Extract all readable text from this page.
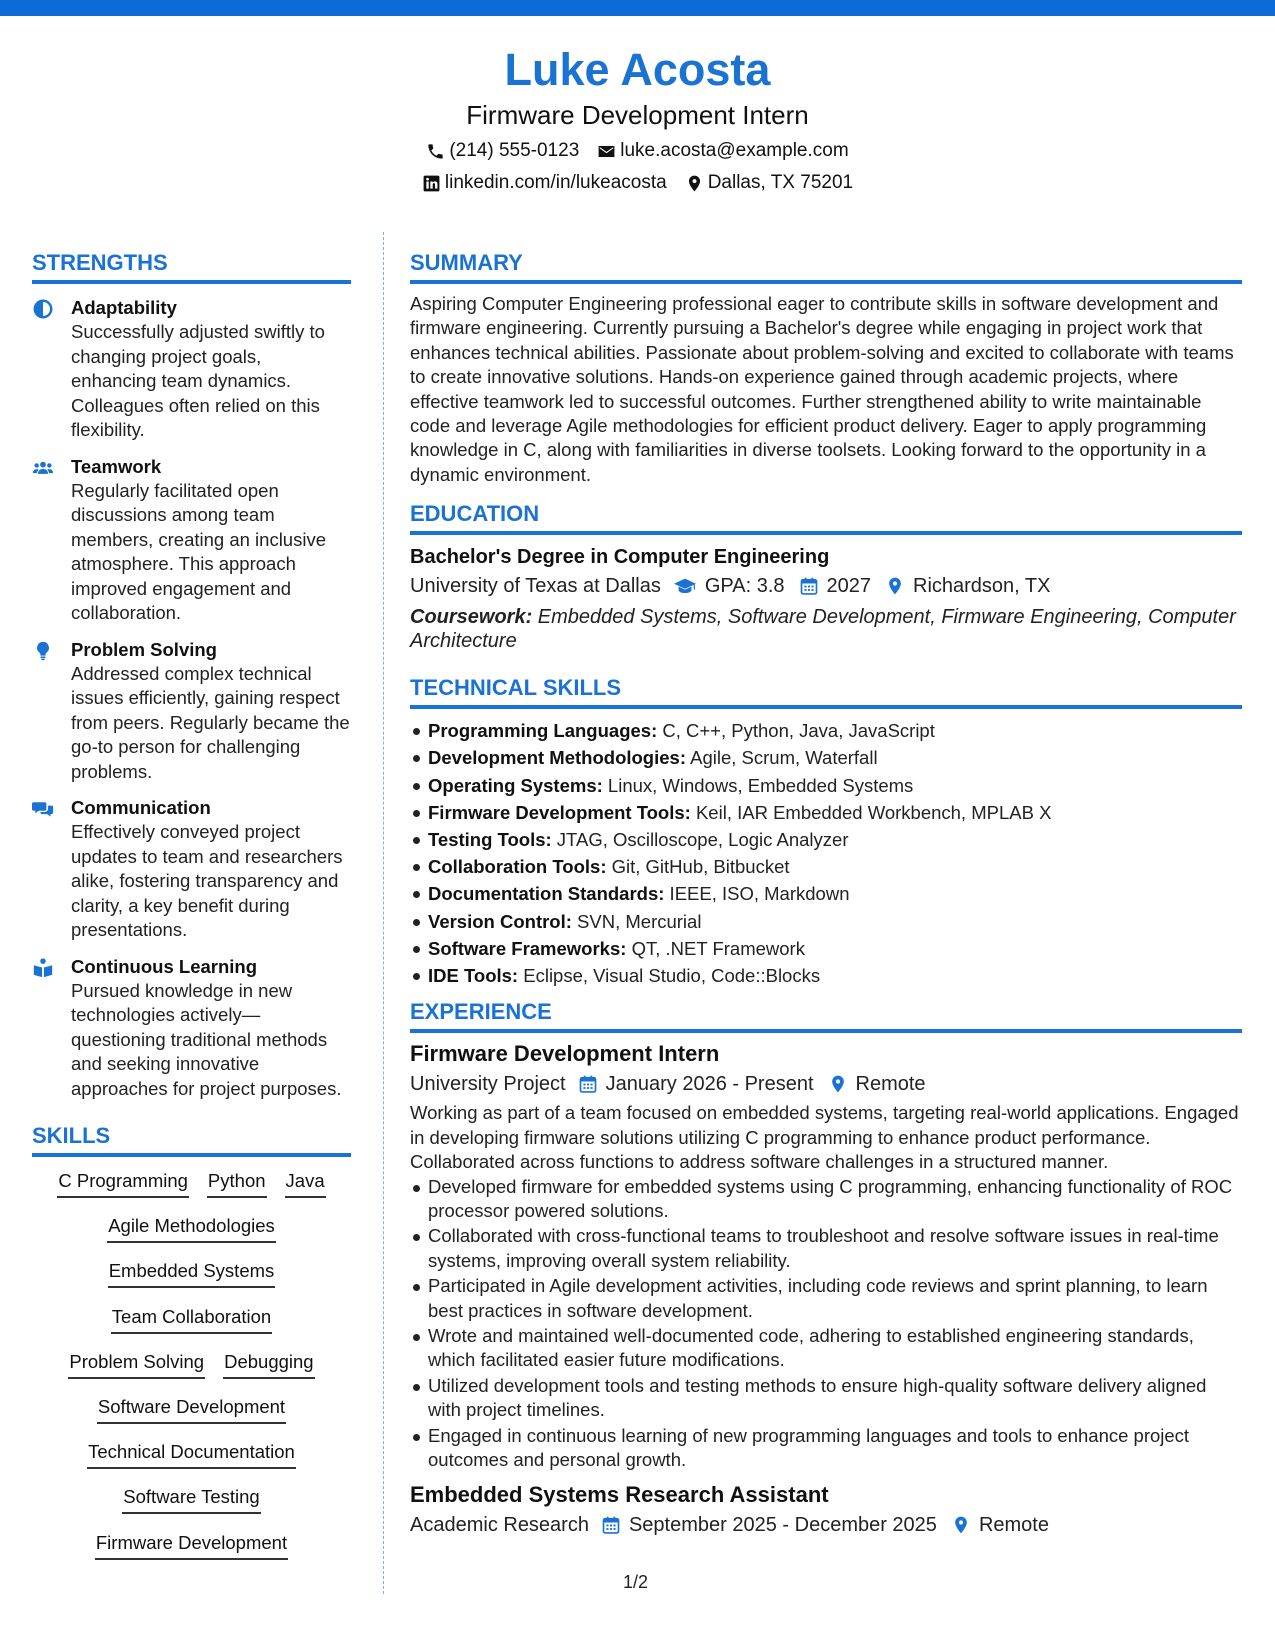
Luke Acosta
Firmware Development Intern
(214) 555-0123 luke.acosta@example.com
linkedin.com/in/lukeacosta Dallas, TX 75201
STRENGTHS
Adaptability
Successfully adjusted swiftly to changing project goals, enhancing team dynamics. Colleagues often relied on this flexibility.
Teamwork
Regularly facilitated open discussions among team members, creating an inclusive atmosphere. This approach improved engagement and collaboration.
Problem Solving
Addressed complex technical issues efficiently, gaining respect from peers. Regularly became the go-to person for challenging problems.
Communication
Effectively conveyed project updates to team and researchers alike, fostering transparency and clarity, a key benefit during presentations.
Continuous Learning
Pursued knowledge in new technologies actively—questioning traditional methods and seeking innovative approaches for project purposes.
SKILLS
C Programming Python Java
Agile Methodologies
Embedded Systems
Team Collaboration
Problem Solving Debugging
Software Development
Technical Documentation
Software Testing
Firmware Development
SUMMARY
Aspiring Computer Engineering professional eager to contribute skills in software development and firmware engineering. Currently pursuing a Bachelor's degree while engaging in project work that enhances technical abilities. Passionate about problem-solving and excited to collaborate with teams to create innovative solutions. Hands-on experience gained through academic projects, where effective teamwork led to successful outcomes. Further strengthened ability to write maintainable code and leverage Agile methodologies for efficient product delivery. Eager to apply programming knowledge in C, along with familiarities in diverse toolsets. Looking forward to the opportunity in a dynamic environment.
EDUCATION
Bachelor's Degree in Computer Engineering
University of Texas at Dallas GPA: 3.8 2027 Richardson, TX
Coursework: Embedded Systems, Software Development, Firmware Engineering, Computer Architecture
TECHNICAL SKILLS
Programming Languages: C, C++, Python, Java, JavaScript
Development Methodologies: Agile, Scrum, Waterfall
Operating Systems: Linux, Windows, Embedded Systems
Firmware Development Tools: Keil, IAR Embedded Workbench, MPLAB X
Testing Tools: JTAG, Oscilloscope, Logic Analyzer
Collaboration Tools: Git, GitHub, Bitbucket
Documentation Standards: IEEE, ISO, Markdown
Version Control: SVN, Mercurial
Software Frameworks: QT, .NET Framework
IDE Tools: Eclipse, Visual Studio, Code::Blocks
EXPERIENCE
Firmware Development Intern
University Project January 2026 - Present Remote
Working as part of a team focused on embedded systems, targeting real-world applications. Engaged in developing firmware solutions utilizing C programming to enhance product performance. Collaborated across functions to address software challenges in a structured manner.
Developed firmware for embedded systems using C programming, enhancing functionality of ROC processor powered solutions.
Collaborated with cross-functional teams to troubleshoot and resolve software issues in real-time systems, improving overall system reliability.
Participated in Agile development activities, including code reviews and sprint planning, to learn best practices in software development.
Wrote and maintained well-documented code, adhering to established engineering standards, which facilitated easier future modifications.
Utilized development tools and testing methods to ensure high-quality software delivery aligned with project timelines.
Engaged in continuous learning of new programming languages and tools to enhance project outcomes and personal growth.
Embedded Systems Research Assistant
Academic Research September 2025 - December 2025 Remote
1/2
